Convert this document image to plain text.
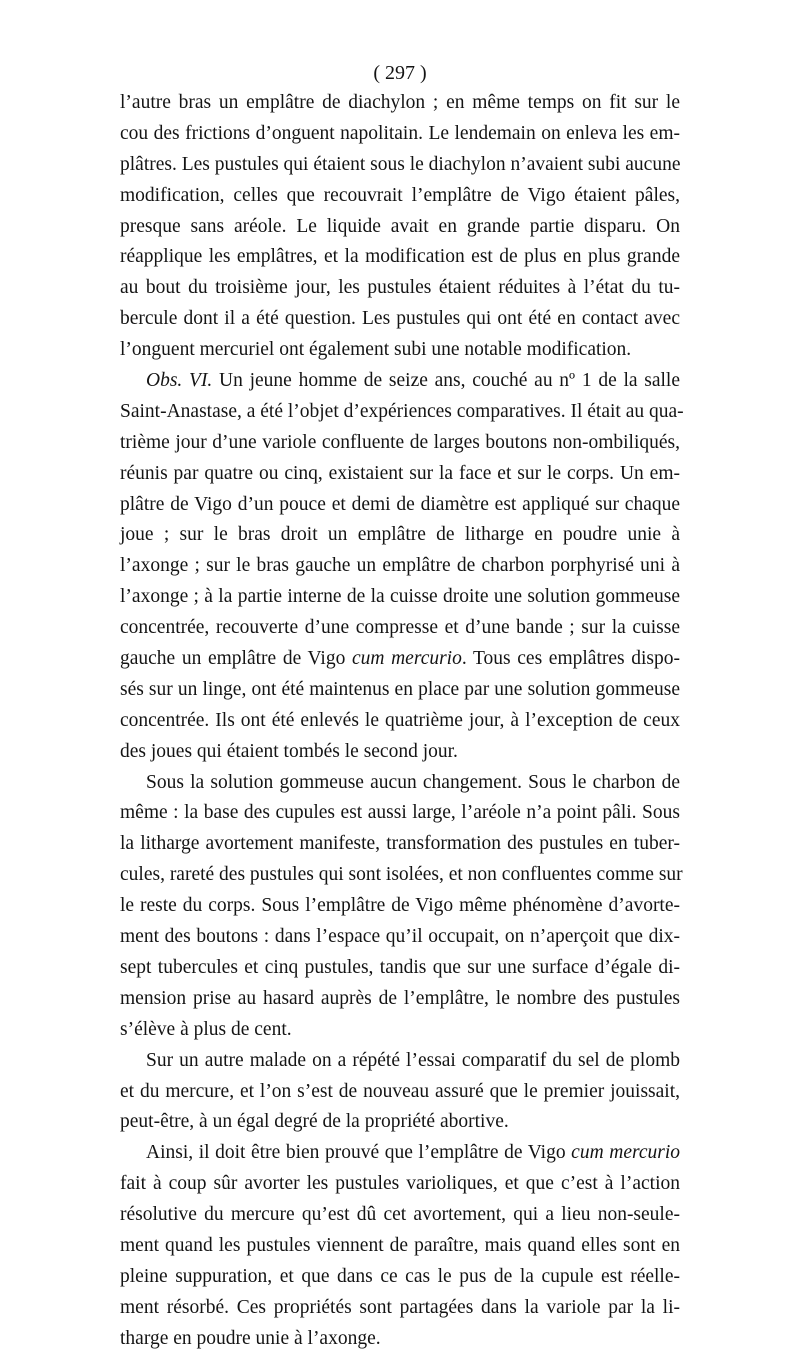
( 297 )
l’autre bras un emplâtre de diachylon ; en même temps on fit sur le
cou des frictions d’onguent napolitain. Le lendemain on enleva les em-
plâtres. Les pustules qui étaient sous le diachylon n’avaient subi aucune
modification, celles que recouvrait l’emplâtre de Vigo étaient pâles,
presque sans aréole. Le liquide avait en grande partie disparu. On
réapplique les emplâtres, et la modification est de plus en plus grande
au bout du troisième jour, les pustules étaient réduites à l’état du tu-
bercule dont il a été question. Les pustules qui ont été en contact avec
l’onguent mercuriel ont également subi une notable modification.
Obs. VI. Un jeune homme de seize ans, couché au nº 1 de la salle
Saint-Anastase, a été l’objet d’expériences comparatives. Il était au qua-
trième jour d’une variole confluente de larges boutons non-ombiliqués,
réunis par quatre ou cinq, existaient sur la face et sur le corps. Un em-
plâtre de Vigo d’un pouce et demi de diamètre est appliqué sur chaque
joue ; sur le bras droit un emplâtre de litharge en poudre unie à
l’axonge ; sur le bras gauche un emplâtre de charbon porphyrisé uni à
l’axonge ; à la partie interne de la cuisse droite une solution gommeuse
concentrée, recouverte d’une compresse et d’une bande ; sur la cuisse
gauche un emplâtre de Vigo cum mercurio. Tous ces emplâtres dispo-
sés sur un linge, ont été maintenus en place par une solution gommeuse
concentrée. Ils ont été enlevés le quatrième jour, à l’exception de ceux
des joues qui étaient tombés le second jour.
Sous la solution gommeuse aucun changement. Sous le charbon de
même : la base des cupules est aussi large, l’aréole n’a point pâli. Sous
la litharge avortement manifeste, transformation des pustules en tuber-
cules, rareté des pustules qui sont isolées, et non confluentes comme sur
le reste du corps. Sous l’emplâtre de Vigo même phénomène d’avorte-
ment des boutons : dans l’espace qu’il occupait, on n’aperçoit que dix-
sept tubercules et cinq pustules, tandis que sur une surface d’égale di-
mension prise au hasard auprès de l’emplâtre, le nombre des pustules
s’élève à plus de cent.
Sur un autre malade on a répété l’essai comparatif du sel de plomb
et du mercure, et l’on s’est de nouveau assuré que le premier jouissait,
peut-être, à un égal degré de la propriété abortive.
Ainsi, il doit être bien prouvé que l’emplâtre de Vigo cum mercurio
fait à coup sûr avorter les pustules varioliques, et que c’est à l’action
résolutive du mercure qu’est dû cet avortement, qui a lieu non-seule-
ment quand les pustules viennent de paraître, mais quand elles sont en
pleine suppuration, et que dans ce cas le pus de la cupule est réelle-
ment résorbé. Ces propriétés sont partagées dans la variole par la li-
tharge en poudre unie à l’axonge.
